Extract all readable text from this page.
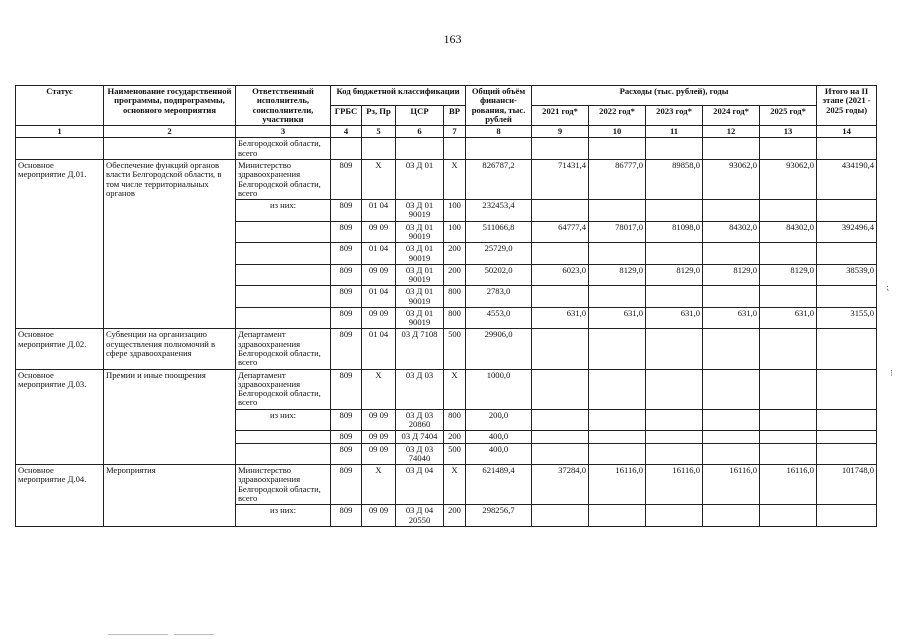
163
Статус	Наименование государственной программы, подпрограммы, основного мероприятия	Ответственный исполнитель, соисполнители, участники	Код бюджетной классификации				Общий объём финанси-рования, тыс. рублей	Расходы (тыс. рублей), годы					Итого на II этапе (2021 - 2025 годы)
			ГРБС	Рз, Пр	ЦСР	ВР		2021 год*	2022 год*	2023 год*	2024 год*	2025 год*	
1	2	3	4	5	6	7	8	9	10	11	12	13	14
		Белгородской области, всего											
Основное мероприятие Д.01.	Обеспечение функций органов власти Белгородской области, в том числе территориальных органов	Министерство здравоохранения Белгородской области, всего	809	Х	03 Д 01	Х	826787,2	71431,4	86777,0	89858,0	93062,0	93062,0	434190,4
		из них:	809	01 04	03 Д 01 90019	100	232453,4						
			809	09 09	03 Д 01 90019	100	511066,8	64777,4	78017,0	81098,0	84302,0	84302,0	392496,4
			809	01 04	03 Д 01 90019	200	25729,0						
			809	09 09	03 Д 01 90019	200	50202,0	6023,0	8129,0	8129,0	8129,0	8129,0	38539,0
			809	01 04	03 Д 01 90019	800	2783,0						
			809	09 09	03 Д 01 90019	800	4553,0	631,0	631,0	631,0	631,0	631,0	3155,0
Основное мероприятие Д.02.	Субвенции на организацию осуществления полномочий в сфере здравоохранения	Департамент здравоохранения Белгородской области, всего	809	01 04	03 Д 7108	500	29906,0						
Основное мероприятие Д.03.	Премии и иные поощрения	Департамент здравоохранения Белгородской области, всего	809	Х	03 Д 03	Х	1000,0						
		из них:	809	09 09	03 Д 03 20860	800	200,0						
			809	09 09	03 Д 7404	200	400,0						
			809	09 09	03 Д 03 74040	500	400,0						
Основное мероприятие Д.04.	Мероприятия	Министерство здравоохранения Белгородской области, всего	809	Х	03 Д 04	Х	621489,4	37284,0	16116,0	16116,0	16116,0	16116,0	101748,0
		из них:	809	09 09	03 Д 04 20550	200	298256,7						
⁏
⁝
